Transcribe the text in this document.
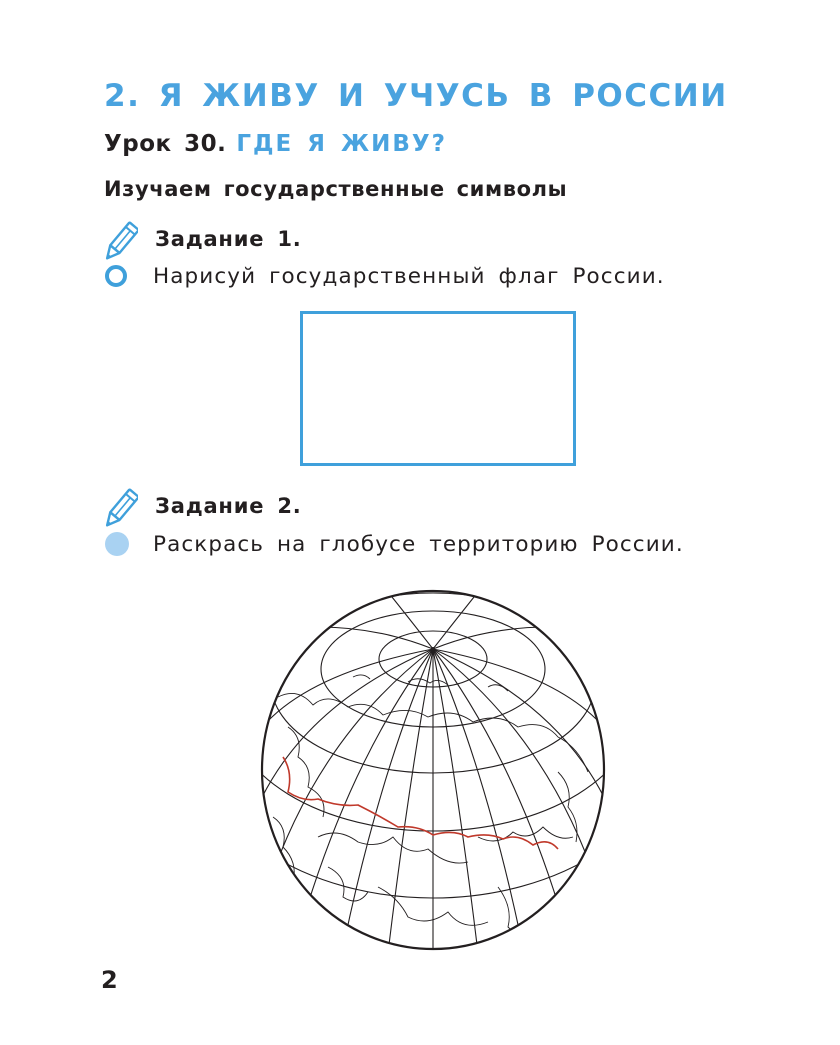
2. Я ЖИВУ И УЧУСЬ В РОССИИ

Урок 30. ГДЕ Я ЖИВУ?

Изучаем государственные символы

Задание 1.

Нарисуй государственный флаг России.

Задание 2.

Раскрась на глобусе территорию России.

2
